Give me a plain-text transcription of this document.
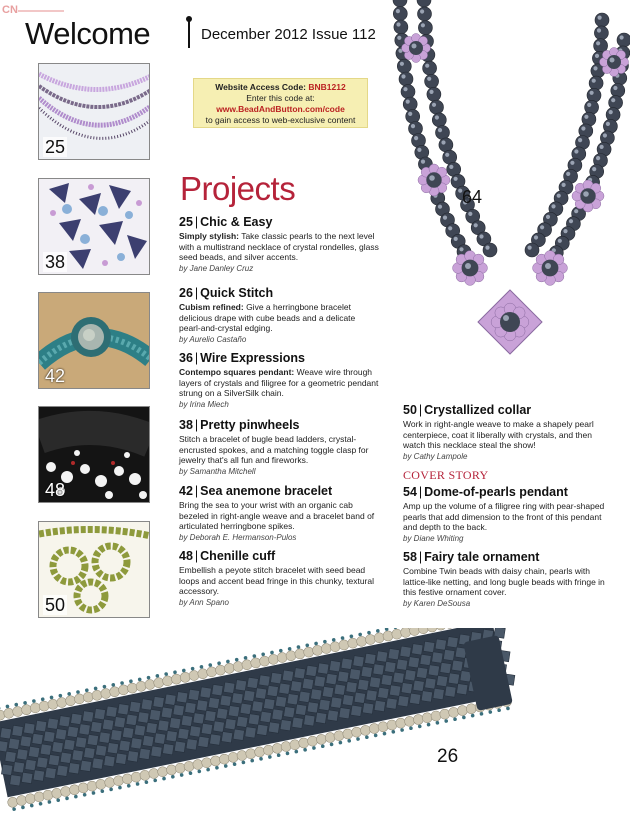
CN
Welcome	December 2012 Issue 112
25
38
42
48
50
Website Access Code: BNB1212
Enter this code at:
www.BeadAndButton.com/code
to gain access to web-exclusive content
Projects
25 | Chic & Easy
Simply stylish: Take classic pearls to the next level with a multistrand necklace of crystal rondelles, glass seed beads, and silver accents.
by Jane Danley Cruz
26 | Quick Stitch
Cubism refined: Give a herringbone bracelet delicious drape with cube beads and a delicate pearl-and-crystal edging.
by Aurelio Castaño
36 | Wire Expressions
Contempo squares pendant: Weave wire through layers of crystals and filigree for a geometric pendant strung on a SilverSilk chain.
by Irina Miech
38 | Pretty pinwheels
Stitch a bracelet of bugle bead ladders, crystal-encrusted spokes, and a matching toggle clasp for jewelry that's all fun and fireworks.
by Samantha Mitchell
42 | Sea anemone bracelet
Bring the sea to your wrist with an organic cab bezeled in right-angle weave and a bracelet band of articulated herringbone spikes.
by Deborah E. Hermanson-Pulos
48 | Chenille cuff
Embellish a peyote stitch bracelet with seed bead loops and accent bead fringe in this chunky, textural accessory.
by Ann Spano
64
50 | Crystallized collar
Work in right-angle weave to make a shapely pearl centerpiece, coat it liberally with crystals, and then watch this necklace steal the show!
by Cathy Lampole
COVER STORY
54 | Dome-of-pearls pendant
Amp up the volume of a filigree ring with pear-shaped pearls that add dimension to the front of this pendant and depth to the back.
by Diane Whiting
58 | Fairy tale ornament
Combine Twin beads with daisy chain, pearls with lattice-like netting, and long bugle beads with fringe in this festive ornament cover.
by Karen DeSousa
26
